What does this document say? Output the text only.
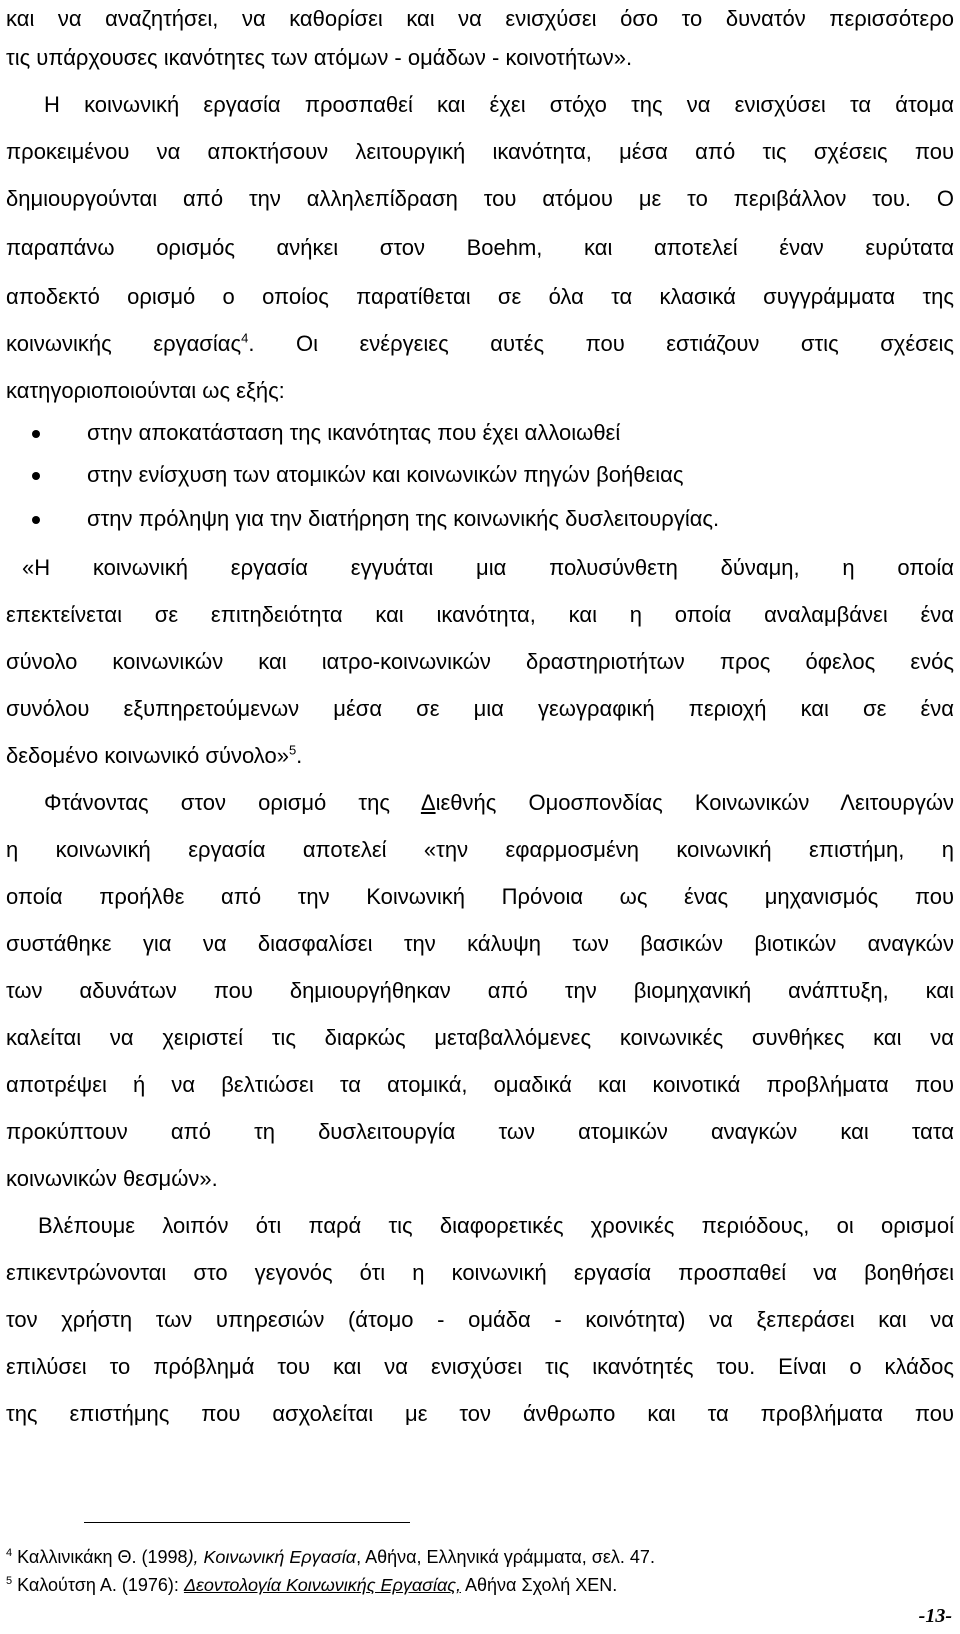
και να αναζητήσει, να καθορίσει και να ενισχύσει όσο το δυνατόν περισσότερο
τις υπάρχουσες ικανότητες των ατόμων - ομάδων - κοινοτήτων».
Η κοινωνική εργασία προσπαθεί και έχει στόχο της να ενισχύσει τα άτομα
προκειμένου να αποκτήσουν λειτουργική ικανότητα, μέσα από τις σχέσεις που
δημιουργούνται από την αλληλεπίδραση του ατόμου με το περιβάλλον του. Ο
παραπάνω ορισμός ανήκει στον Boehm, και αποτελεί έναν ευρύτατα
αποδεκτό ορισμό ο οποίος παρατίθεται σε όλα τα κλασικά συγγράμματα της
κοινωνικής εργασίας$^4$. Οι ενέργειες αυτές που εστιάζουν στις σχέσεις
κατηγοριοποιούνται ως εξής:
στην αποκατάσταση της ικανότητας που έχει αλλοιωθεί
στην ενίσχυση των ατομικών και κοινωνικών πηγών βοήθειας
στην πρόληψη για την διατήρηση της κοινωνικής δυσλειτουργίας.
«Η κοινωνική εργασία εγγυάται μια πολυσύνθετη δύναμη, η οποία
επεκτείνεται σε επιτηδειότητα και ικανότητα, και η οποία αναλαμβάνει ένα
σύνολο κοινωνικών και ιατρο-κοινωνικών δραστηριοτήτων προς όφελος ενός
συνόλου εξυπηρετούμενων μέσα σε μια γεωγραφική περιοχή και σε ένα
δεδομένο κοινωνικό σύνολο»$^5$.
Φτάνοντας στον ορισμό της Διεθνής Ομοσπονδίας Κοινωνικών Λειτουργών
η κοινωνική εργασία αποτελεί «την εφαρμοσμένη κοινωνική επιστήμη, η
οποία προήλθε από την Κοινωνική Πρόνοια ως ένας μηχανισμός που
συστάθηκε για να διασφαλίσει την κάλυψη των βασικών βιοτικών αναγκών
των αδυνάτων που δημιουργήθηκαν από την βιομηχανική ανάπτυξη, και
καλείται να χειριστεί τις διαρκώς μεταβαλλόμενες κοινωνικές συνθήκες και να
αποτρέψει ή να βελτιώσει τα ατομικά, ομαδικά και κοινοτικά προβλήματα που
προκύπτουν από τη δυσλειτουργία των ατομικών αναγκών και τατα
κοινωνικών θεσμών».
Βλέπουμε λοιπόν ότι παρά τις διαφορετικές χρονικές περιόδους, οι ορισμοί
επικεντρώνονται στο γεγονός ότι η κοινωνική εργασία προσπαθεί να βοηθήσει
τον χρήστη των υπηρεσιών (άτομο - ομάδα - κοινότητα) να ξεπεράσει και να
επιλύσει το πρόβλημά του και να ενισχύσει τις ικανότητές του. Είναι ο κλάδος
της επιστήμης που ασχολείται με τον άνθρωπο και τα προβλήματα που
$^4$ Καλλινικάκη Θ. (1998), Κοινωνική Εργασία, Αθήνα, Ελληνικά γράμματα, σελ. 47.
$^5$ Καλούτση Α. (1976): Δεοντολογία Κοινωνικής Εργασίας, Αθήνα Σχολή ΧΕΝ.
-13-
